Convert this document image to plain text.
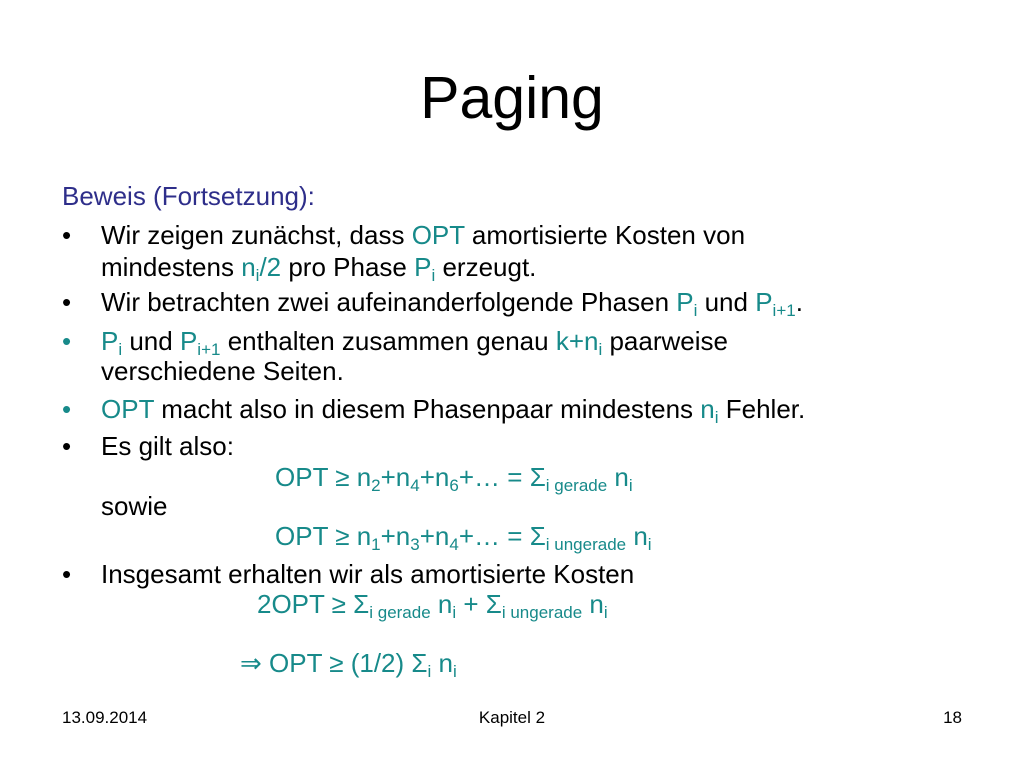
Paging
Beweis (Fortsetzung):
• Wir zeigen zunächst, dass OPT amortisierte Kosten von
mindestens $n_i/2$ pro Phase $P_i$ erzeugt.
• Wir betrachten zwei aufeinanderfolgende Phasen $P_i$ und $P_{i+1}$.
• $P_i$ und $P_{i+1}$ enthalten zusammen genau $k+n_i$ paarweise
verschiedene Seiten.
• OPT macht also in diesem Phasenpaar mindestens $n_i$ Fehler.
• Es gilt also:
OPT ≥ $n_2+n_4+n_6+\dots = \Sigma_{i gerade}$ $n_i$
sowie
OPT ≥ $n_1+n_3+n_4+\dots = \Sigma_{i ungerade}$ $n_i$
• Insgesamt erhalten wir als amortisierte Kosten
$2OPT \ge \Sigma_{i gerade}$ $n_i + \Sigma_{i ungerade}$ $n_i$
⇒ OPT ≥ (1/2) $\Sigma_i$ $n_i$
13.09.2014	Kapitel 2	18
